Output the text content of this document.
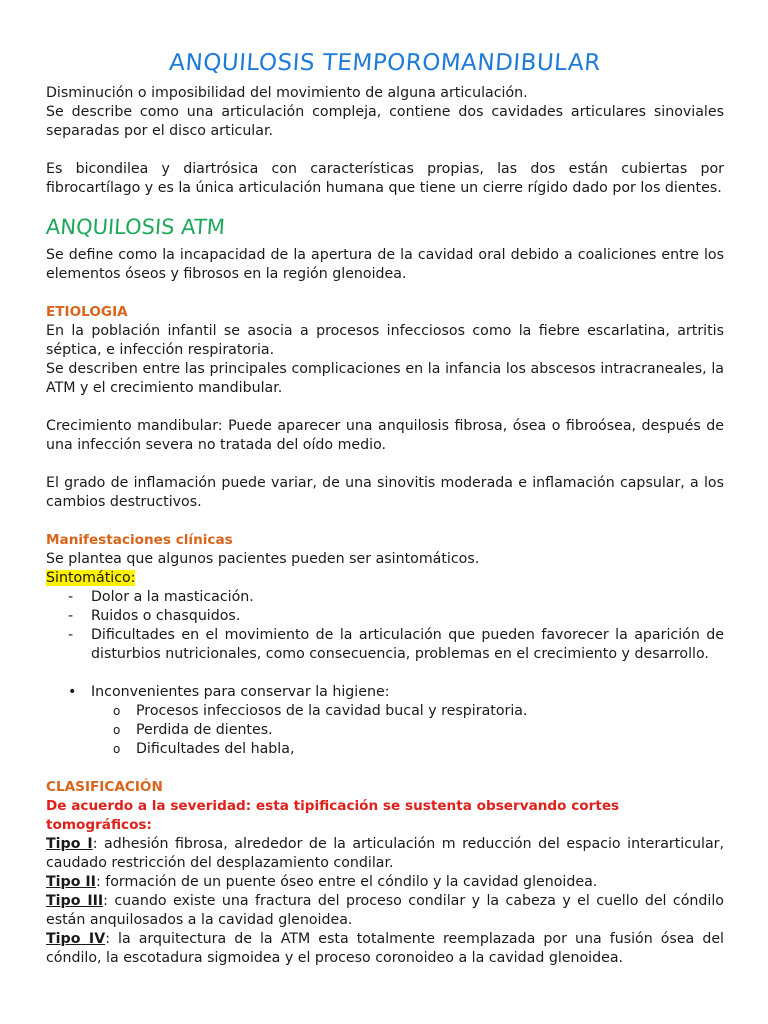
ANQUILOSIS TEMPOROMANDIBULAR

Disminución o imposibilidad del movimiento de alguna articulación.

Se describe como una articulación compleja, contiene dos cavidades articulares sinoviales separadas por el disco articular.

Es bicondilea y diartrósica con características propias, las dos están cubiertas por fibrocartílago y es la única articulación humana que tiene un cierre rígido dado por los dientes.

ANQUILOSIS ATM

Se define como la incapacidad de la apertura de la cavidad oral debido a coaliciones entre los elementos óseos y fibrosos en la región glenoidea.

ETIOLOGIA

En la población infantil se asocia a procesos infecciosos como la fiebre escarlatina, artritis séptica, e infección respiratoria.

Se describen entre las principales complicaciones en la infancia los abscesos intracraneales, la ATM y el crecimiento mandibular.

Crecimiento mandibular: Puede aparecer una anquilosis fibrosa, ósea o fibroósea, después de una infección severa no tratada del oído medio.

El grado de inflamación puede variar, de una sinovitis moderada e inflamación capsular, a los cambios destructivos.

Manifestaciones clínicas

Se plantea que algunos pacientes pueden ser asintomáticos.

Sintomático:

- Dolor a la masticación.
- Ruidos o chasquidos.
- Dificultades en el movimiento de la articulación que pueden favorecer la aparición de disturbios nutricionales, como consecuencia, problemas en el crecimiento y desarrollo.
• Inconvenientes para conservar la higiene:
o Procesos infecciosos de la cavidad bucal y respiratoria.
o Perdida de dientes.
o Dificultades del habla,
CLASIFICACIÓN
De acuerdo a la severidad: esta tipificación se sustenta observando cortes tomográficos:

Tipo I: adhesión fibrosa, alrededor de la articulación m reducción del espacio interarticular, caudado restricción del desplazamiento condilar.

Tipo II: formación de un puente óseo entre el cóndilo y la cavidad glenoidea.

Tipo III: cuando existe una fractura del proceso condilar y la cabeza y el cuello del cóndilo están anquilosados a la cavidad glenoidea.

Tipo IV: la arquitectura de la ATM esta totalmente reemplazada por una fusión ósea del cóndilo, la escotadura sigmoidea y el proceso coronoideo a la cavidad glenoidea.
